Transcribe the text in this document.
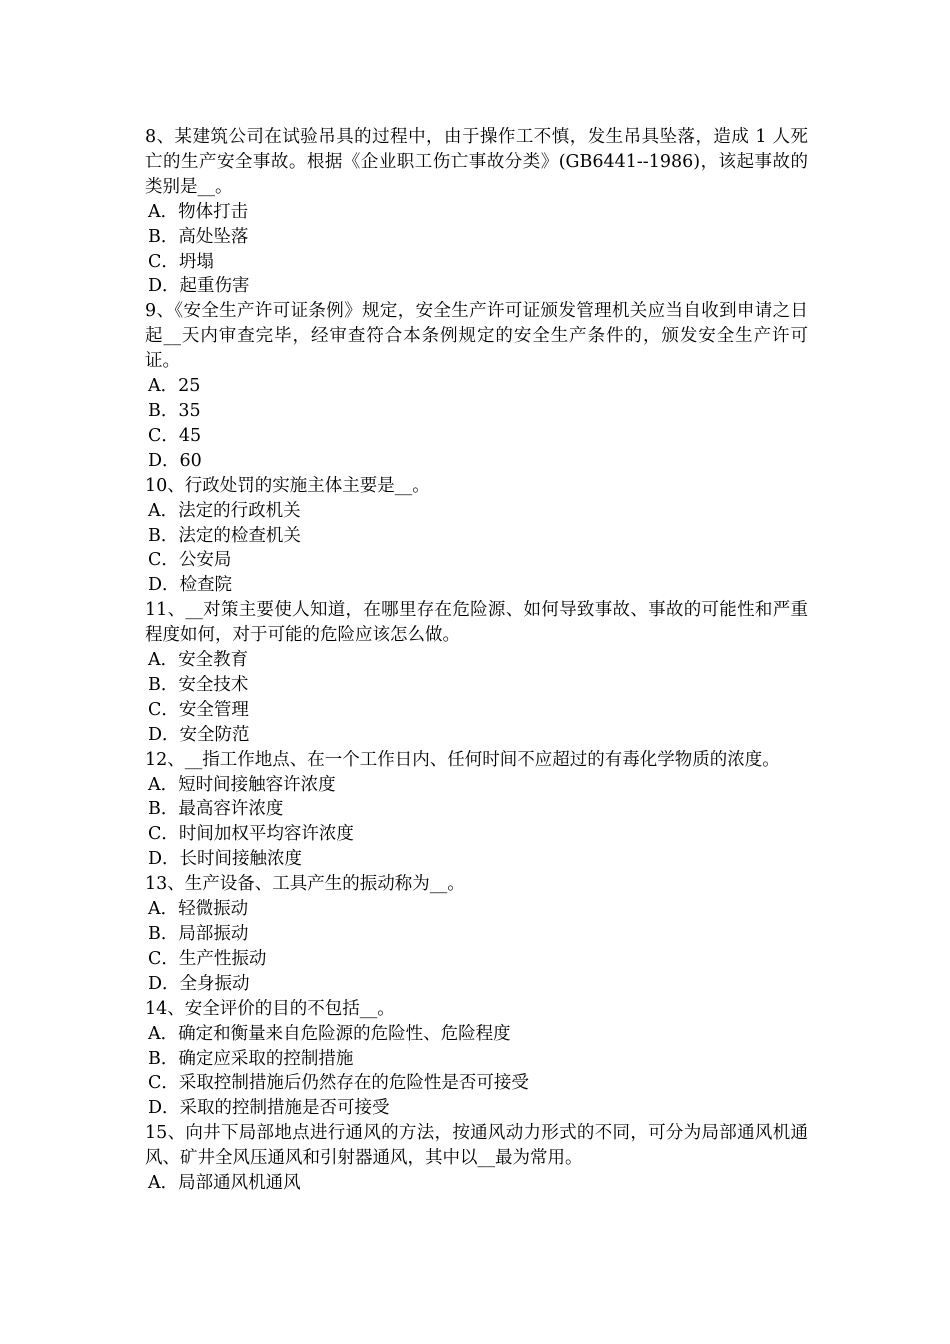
8、某建筑公司在试验吊具的过程中，由于操作工不慎，发生吊具坠落，造成 1 人死亡的生产安全事故。根据《企业职工伤亡事故分类》(GB6441--1986)，该起事故的类别是__。
A．物体打击
B．高处坠落
C．坍塌
D．起重伤害
9、《安全生产许可证条例》规定，安全生产许可证颁发管理机关应当自收到申请之日起__天内审查完毕，经审查符合本条例规定的安全生产条件的，颁发安全生产许可证。
A．25
B．35
C．45
D．60
10、行政处罚的实施主体主要是__。
A．法定的行政机关
B．法定的检查机关
C．公安局
D．检查院
11、__对策主要使人知道，在哪里存在危险源、如何导致事故、事故的可能性和严重程度如何，对于可能的危险应该怎么做。
A．安全教育
B．安全技术
C．安全管理
D．安全防范
12、__指工作地点、在一个工作日内、任何时间不应超过的有毒化学物质的浓度。
A．短时间接触容许浓度
B．最高容许浓度
C．时间加权平均容许浓度
D．长时间接触浓度
13、生产设备、工具产生的振动称为__。
A．轻微振动
B．局部振动
C．生产性振动
D．全身振动
14、安全评价的目的不包括__。
A．确定和衡量来自危险源的危险性、危险程度
B．确定应采取的控制措施
C．采取控制措施后仍然存在的危险性是否可接受
D．采取的控制措施是否可接受
15、向井下局部地点进行通风的方法，按通风动力形式的不同，可分为局部通风机通风、矿井全风压通风和引射器通风，其中以__最为常用。
A．局部通风机通风
